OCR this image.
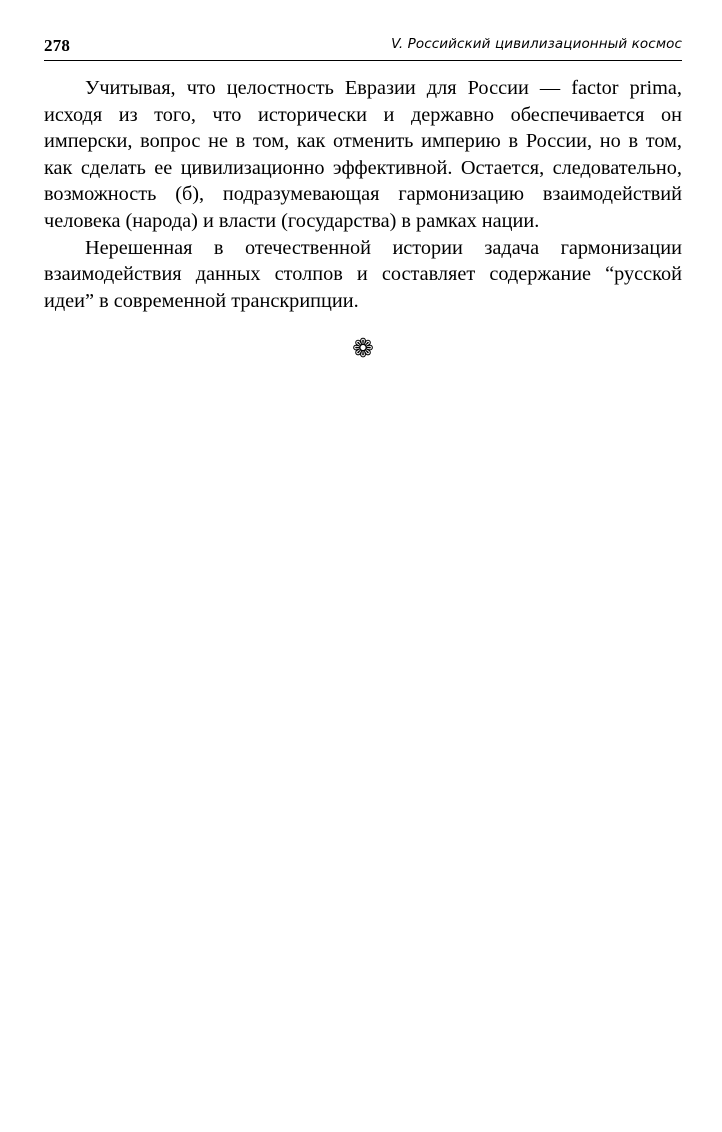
278	V. Российский цивилизационный космос

Учитывая, что целостность Евразии для России — factor prima, исходя из того, что исторически и державно обеспечивается он имперски, вопрос не в том, как отменить империю в России, но в том, как сделать ее цивилизационно эффективной. Остается, следовательно, возможность (б), подразумевающая гармонизацию взаимодействий человека (народа) и власти (государства) в рамках нации.

Нерешенная в отечественной истории задача гармонизации взаимодействия данных столпов и составляет содержание “русской идеи” в современной транскрипции.

❁
